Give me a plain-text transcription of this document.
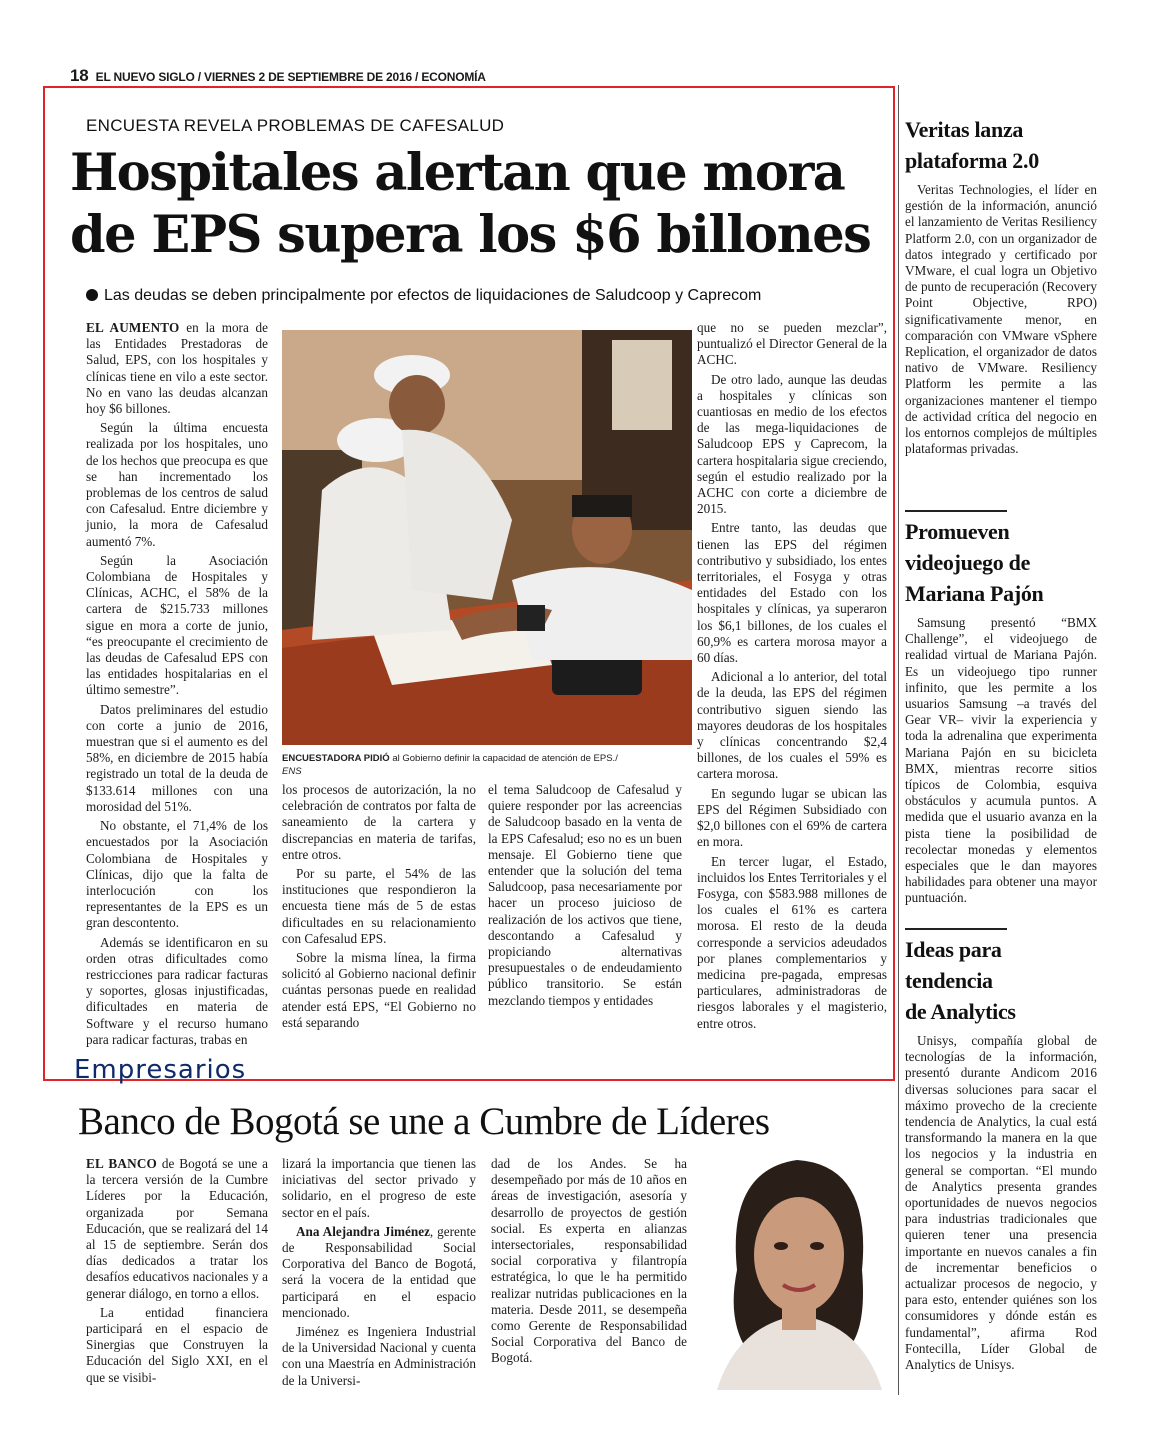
18 EL NUEVO SIGLO / VIERNES 2 DE SEPTIEMBRE DE 2016 / ECONOMÍA
ENCUESTA REVELA PROBLEMAS DE CAFESALUD
Hospitales alertan que mora
de EPS supera los $6 billones
Las deudas se deben principalmente por efectos de liquidaciones de Saludcoop y Caprecom

EL AUMENTO en la mora de las Entidades Prestadoras de Salud, EPS, con los hospitales y clínicas tiene en vilo a este sector. No en vano las deudas alcanzan hoy $6 billones.

Según la última encuesta realizada por los hospitales, uno de los hechos que preocupa es que se han incrementado los problemas de los centros de salud con Cafesalud. Entre diciembre y junio, la mora de Cafesalud aumentó 7%.

Según la Asociación Colombiana de Hospitales y Clínicas, ACHC, el 58% de la cartera de $215.733 millones sigue en mora a corte de junio, “es preocupante el crecimiento de las deudas de Cafesalud EPS con las entidades hospitalarias en el último semestre”.

Datos preliminares del estudio con corte a junio de 2016, muestran que si el aumento es del 58%, en diciembre de 2015 había registrado un total de la deuda de $133.614 millones con una morosidad del 51%.

No obstante, el 71,4% de los encuestados por la Asociación Colombiana de Hospitales y Clínicas, dijo que la falta de interlocución con los representantes de la EPS es un gran descontento.

Además se identificaron en su orden otras dificultades como restricciones para radicar facturas y soportes, glosas injustificadas, dificultades en materia de Software y el recurso humano para radicar facturas, trabas en

ENCUESTADORA PIDIÓ al Gobierno definir la capacidad de atención de EPS./
ENS

los procesos de autorización, la no celebración de contratos por falta de saneamiento de la cartera y discrepancias en materia de tarifas, entre otros.

Por su parte, el 54% de las instituciones que respondieron la encuesta tiene más de 5 de estas dificultades en su relacionamiento con Cafesalud EPS.

Sobre la misma línea, la firma solicitó al Gobierno nacional definir cuántas personas puede en realidad atender está EPS, “El Gobierno no está separando

el tema Saludcoop de Cafesalud y quiere responder por las acreencias de Saludcoop basado en la venta de la EPS Cafesalud; eso no es un buen mensaje. El Gobierno tiene que entender que la solución del tema Saludcoop, pasa necesariamente por hacer un proceso juicioso de realización de los activos que tiene, descontando a Cafesalud y propiciando alternativas presupuestales o de endeudamiento público transitorio. Se están mezclando tiempos y entidades

que no se pueden mezclar”, puntualizó el Director General de la ACHC.

De otro lado, aunque las deudas a hospitales y clínicas son cuantiosas en medio de los efectos de las mega-liquidaciones de Saludcoop EPS y Caprecom, la cartera hospitalaria sigue creciendo, según el estudio realizado por la ACHC con corte a diciembre de 2015.

Entre tanto, las deudas que tienen las EPS del régimen contributivo y subsidiado, los entes territoriales, el Fosyga y otras entidades del Estado con los hospitales y clínicas, ya superaron los $6,1 billones, de los cuales el 60,9% es cartera morosa mayor a 60 días.

Adicional a lo anterior, del total de la deuda, las EPS del régimen contributivo siguen siendo las mayores deudoras de los hospitales y clínicas concentrando $2,4 billones, de los cuales el 59% es cartera morosa.

En segundo lugar se ubican las EPS del Régimen Subsidiado con $2,0 billones con el 69% de cartera en mora.

En tercer lugar, el Estado, incluidos los Entes Territoriales y el Fosyga, con $583.988 millones de los cuales el 61% es cartera morosa. El resto de la deuda corresponde a servicios adeudados por planes complementarios y medicina pre-pagada, empresas particulares, administradoras de riesgos laborales y el magisterio, entre otros.

Veritas lanza
plataforma 2.0
Veritas Technologies, el líder en gestión de la información, anunció el lanzamiento de Veritas Resiliency Platform 2.0, con un organizador de datos integrado y certificado por VMware, el cual logra un Objetivo de punto de recuperación (Recovery Point Objective, RPO) significativamente menor, en comparación con VMware vSphere Replication, el organizador de datos nativo de VMware. Resiliency Platform les permite a las organizaciones mantener el tiempo de actividad crítica del negocio en los entornos complejos de múltiples plataformas privadas.
Promueven
videojuego de
Mariana Pajón
Samsung presentó “BMX Challenge”, el videojuego de realidad virtual de Mariana Pajón. Es un videojuego tipo runner infinito, que les permite a los usuarios Samsung –a través del Gear VR– vivir la experiencia y toda la adrenalina que experimenta Mariana Pajón en su bicicleta BMX, mientras recorre sitios típicos de Colombia, esquiva obstáculos y acumula puntos. A medida que el usuario avanza en la pista tiene la posibilidad de recolectar monedas y elementos especiales que le dan mayores habilidades para obtener una mayor puntuación.
Ideas para
tendencia
de Analytics
Unisys, compañía global de tecnologías de la información, presentó durante Andicom 2016 diversas soluciones para sacar el máximo provecho de la creciente tendencia de Analytics, la cual está transformando la manera en la que los negocios y la industria en general se comportan. “El mundo de Analytics presenta grandes oportunidades de nuevos negocios para industrias tradicionales que quieren tener una presencia importante en nuevos canales a fin de incrementar beneficios o actualizar procesos de negocio, y para esto, entender quiénes son los consumidores y dónde están es fundamental”, afirma Rod Fontecilla, Líder Global de Analytics de Unisys.
Empresarios
Banco de Bogotá se une a Cumbre de Líderes

EL BANCO de Bogotá se une a la tercera versión de la Cumbre Líderes por la Educación, organizada por Semana Educación, que se realizará del 14 al 15 de septiembre. Serán dos días dedicados a tratar los desafíos educativos nacionales y a generar diálogo, en torno a ellos.

La entidad financiera participará en el espacio de Sinergias que Construyen la Educación del Siglo XXI, en el que se visibi-

lizará la importancia que tienen las iniciativas del sector privado y solidario, en el progreso de este sector en el país.

Ana Alejandra Jiménez, gerente de Responsabilidad Social Corporativa del Banco de Bogotá, será la vocera de la entidad que participará en el espacio mencionado.

Jiménez es Ingeniera Industrial de la Universidad Nacional y cuenta con una Maestría en Administración de la Universi-

dad de los Andes. Se ha desempeñado por más de 10 años en áreas de investigación, asesoría y desarrollo de proyectos de gestión social. Es experta en alianzas intersectoriales, responsabilidad social corporativa y filantropía estratégica, lo que le ha permitido realizar nutridas publicaciones en la materia. Desde 2011, se desempeña como Gerente de Responsabilidad Social Corporativa del Banco de Bogotá.
